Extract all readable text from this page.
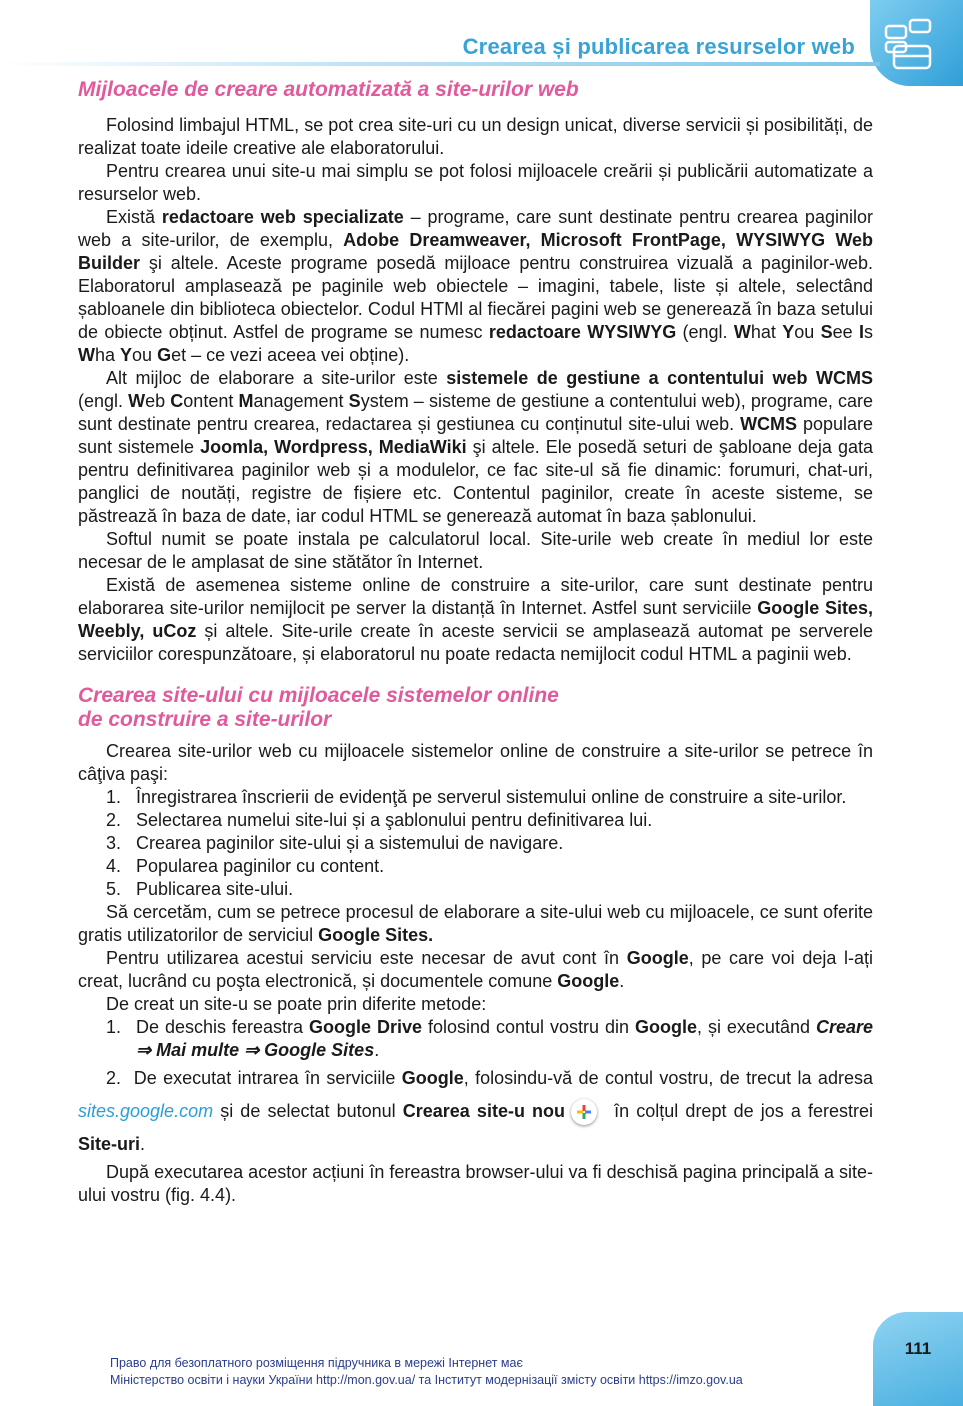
Crearea și publicarea resurselor web
Mijloacele de creare automatizată a site-urilor web

Folosind limbajul HTML, se pot crea site-uri cu un design unicat, diverse servicii și posibilități, de realizat toate ideile creative ale elaboratorului.

Pentru crearea unui site-u mai simplu se pot folosi mijloacele creării și publicării automatizate a resurselor web.

Există redactoare web specializate – programe, care sunt destinate pentru crearea paginilor web a site-urilor, de exemplu, Adobe Dreamweaver, Microsoft FrontPage, WYSIWYG Web Builder şi altele. Aceste programe posedă mijloace pentru construirea vizuală a paginilor-web. Elaboratorul amplasează pe paginile web obiectele – imagini, tabele, liste și altele, selectând șabloanele din biblioteca obiectelor. Codul HTMl al fiecărei pagini web se generează în baza setului de obiecte obținut. Astfel de programe se numesc redactoare WYSIWYG (engl. What You See Is Wha You Get – ce vezi aceea vei obține).

Alt mijloc de elaborare a site-urilor este sistemele de gestiune a contentului web WCMS (engl. Web Content Management System – sisteme de gestiune a contentului web), programe, care sunt destinate pentru crearea, redactarea și gestiunea cu conținutul site-ului web. WCMS populare sunt sistemele Joomla, Wordpress, MediaWiki şi altele. Ele posedă seturi de şabloane deja gata pentru definitivarea paginilor web și a modulelor, ce fac site-ul să fie dinamic: forumuri, chat-uri, panglici de noutăți, registre de fișiere etc. Contentul paginilor, create în aceste sisteme, se păstrează în baza de date, iar codul HTML se generează automat în baza șablonului.

Softul numit se poate instala pe calculatorul local. Site-urile web create în mediul lor este necesar de le amplasat de sine stătător în Internet.

Există de asemenea sisteme online de construire a site-urilor, care sunt destinate pentru elaborarea site-urilor nemijlocit pe server la distanță în Internet. Astfel sunt serviciile Google Sites, Weebly, uCoz și altele. Site-urile create în aceste servicii se amplasează automat pe serverele serviciilor corespunzătoare, și elaboratorul nu poate redacta nemijlocit codul HTML a paginii web.

Crearea site-ului cu mijloacele sistemelor online
de construire a site-urilor

Crearea site-urilor web cu mijloacele sistemelor online de construire a site-urilor se petrece în câţiva paşi:

1. Înregistrarea înscrierii de evidenţă pe serverul sistemului online de construire a site-urilor.
2. Selectarea numelui site-lui și a şablonului pentru definitivarea lui.
3. Crearea paginilor site-ului și a sistemului de navigare.
4. Popularea paginilor cu content.
5. Publicarea site-ului.

Să cercetăm, cum se petrece procesul de elaborare a site-ului web cu mijloacele, ce sunt oferite gratis utilizatorilor de serviciul Google Sites.

Pentru utilizarea acestui serviciu este necesar de avut cont în Google, pe care voi deja l-ați creat, lucrând cu poşta electronică, și documentele comune Google.

De creat un site-u se poate prin diferite metode:

1. De deschis fereastra Google Drive folosind contul vostru din Google, și executând Creare ⇒ Mai multe ⇒ Google Sites.

2. De executat intrarea în serviciile Google, folosindu-vă de contul vostru, de trecut la adresa sites.google.com și de selectat butonul Crearea site-u nou
în colțul drept de jos a ferestrei Site-uri.

După executarea acestor acțiuni în fereastra browser-ului va fi deschisă pagina principală a site-ului vostru (fig. 4.4).

Право для безоплатного розміщення підручника в мережі Інтернет має
Міністерство освіти і науки України http://mon.gov.ua/ та Інститут модернізації змісту освіти https://imzo.gov.ua
111
